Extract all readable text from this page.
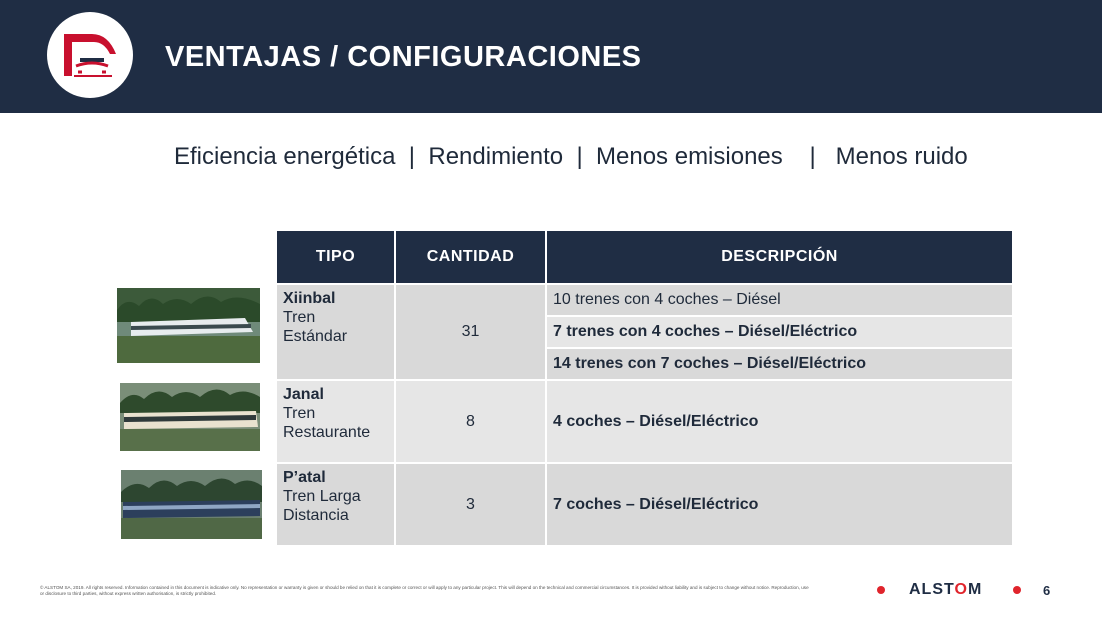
VENTAJAS / CONFIGURACIONES
Eficiencia energética  |  Rendimiento  |  Menos emisiones    |   Menos ruido
TIPO	CANTIDAD	DESCRIPCIÓN

Xiinbal
Tren
Estándar	31	10 trenes con 4 coches – Diésel
		7 trenes con 4 coches – Diésel/Eléctrico
		14 trenes con 7 coches – Diésel/Eléctrico

Janal
Tren
Restaurante	8	4 coches – Diésel/Eléctrico

P’atal
Tren Larga
Distancia	3	7 coches – Diésel/Eléctrico
© ALSTOM SA, 2019. All rights reserved. Information contained in this document is indicative only. No representation or warranty is given or should be relied on that it is complete or correct or will apply to any particular project. This will depend on the technical and commercial circumstances. It is provided without liability and is subject to change without notice. Reproduction, use or disclosure to third parties, without express written authorisation, is strictly prohibited.	ALSTOM	6
